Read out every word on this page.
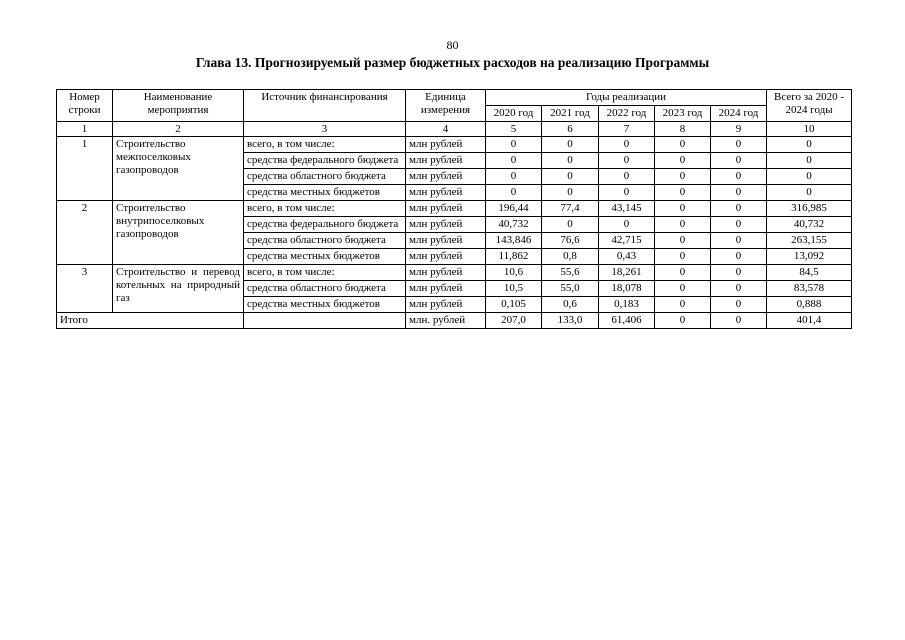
80
Глава 13. Прогнозируемый размер бюджетных расходов на реализацию Программы
Номер строки	Наименование мероприятия	Источник финансирования	Единица измерения	Годы реализации					Всего за 2020 - 2024 годы
				2020 год	2021 год	2022 год	2023 год	2024 год	
1	2	3	4	5	6	7	8	9	10
1	Строительство межпоселковых газопроводов	всего, в том числе:	млн рублей	0	0	0	0	0	0
		средства федерального бюджета	млн рублей	0	0	0	0	0	0
		средства областного бюджета	млн рублей	0	0	0	0	0	0
		средства местных бюджетов	млн рублей	0	0	0	0	0	0
2	Строительство внутрипоселковых газопроводов	всего, в том числе:	млн рублей	196,44	77,4	43,145	0	0	316,985
		средства федерального бюджета	млн рублей	40,732	0	0	0	0	40,732
		средства областного бюджета	млн рублей	143,846	76,6	42,715	0	0	263,155
		средства местных бюджетов	млн рублей	11,862	0,8	0,43	0	0	13,092
3	Строительство и перевод котельных на природный газ	всего, в том числе:	млн рублей	10,6	55,6	18,261	0	0	84,5
		средства областного бюджета	млн рублей	10,5	55,0	18,078	0	0	83,578
		средства местных бюджетов	млн рублей	0,105	0,6	0,183	0	0	0,888
Итого			млн. рублей	207,0	133,0	61,406	0	0	401,4
